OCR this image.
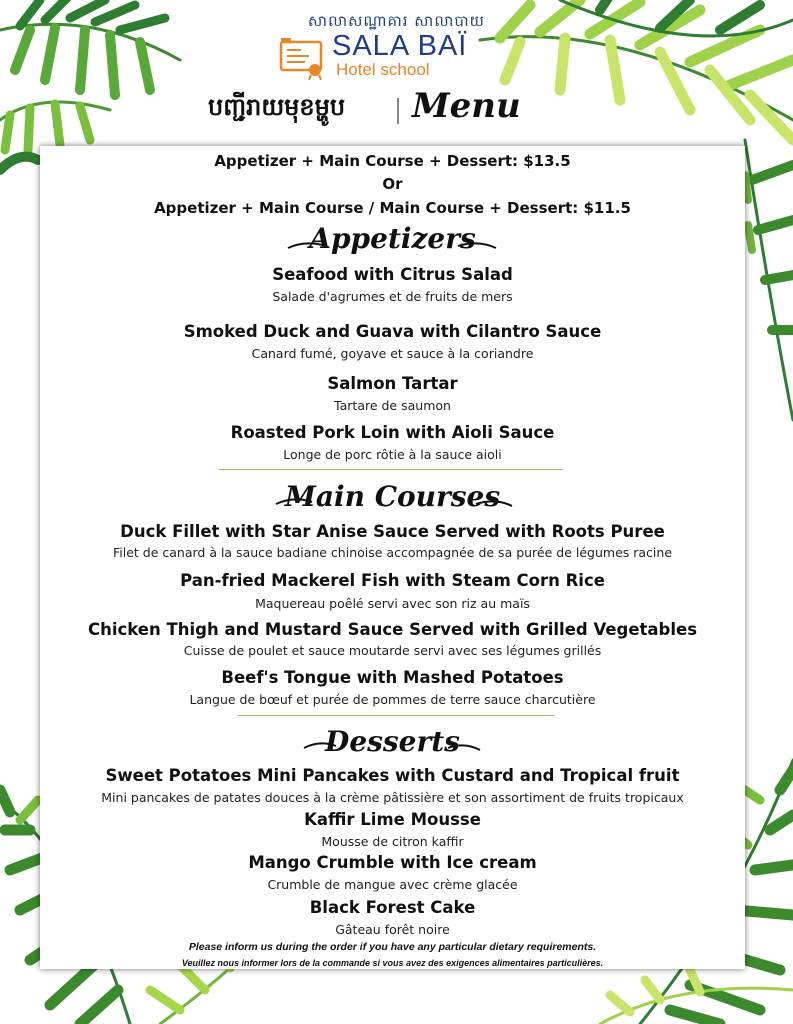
សាលាសណ្ឋាគារ សាលាបាយ
SALA BAÏ
Hotel school
បញ្ជីរាយមុខម្ហូប Menu
Appetizer + Main Course + Dessert: $13.5
Or
Appetizer + Main Course / Main Course + Dessert: $11.5
Appetizers
Seafood with Citrus Salad
Salade d'agrumes et de fruits de mers
Smoked Duck and Guava with Cilantro Sauce
Canard fumé, goyave et sauce à la coriandre
Salmon Tartar
Tartare de saumon
Roasted Pork Loin with Aioli Sauce
Longe de porc rôtie à la sauce aioli
Main Courses
Duck Fillet with Star Anise Sauce Served with Roots Puree
Filet de canard à la sauce badiane chinoise accompagnée de sa purée de légumes racine
Pan-fried Mackerel Fish with Steam Corn Rice
Maquereau poêlé servi avec son riz au maïs
Chicken Thigh and Mustard Sauce Served with Grilled Vegetables
Cuisse de poulet et sauce moutarde servi avec ses légumes grillés
Beef's Tongue with Mashed Potatoes
Langue de bœuf et purée de pommes de terre sauce charcutière
Desserts
Sweet Potatoes Mini Pancakes with Custard and Tropical fruit
Mini pancakes de patates douces à la crème pâtissière et son assortiment de fruits tropicaux
Kaffir Lime Mousse
Mousse de citron kaffir
Mango Crumble with Ice cream
Crumble de mangue avec crème glacée
Black Forest Cake
Gâteau forêt noire
Please inform us during the order if you have any particular dietary requirements.
Veuillez nous informer lors de la commande si vous avez des exigences alimentaires particulières.
